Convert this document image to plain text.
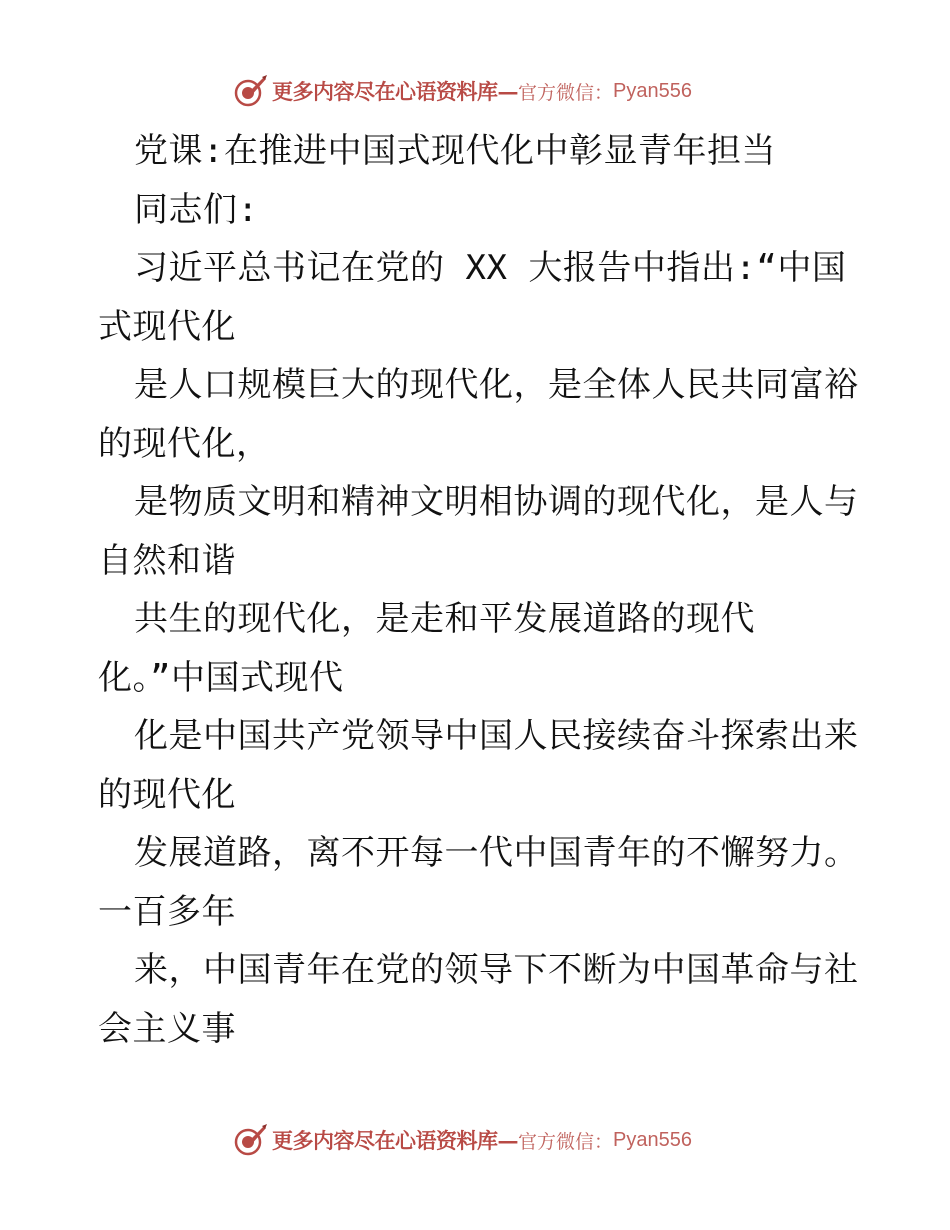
更多内容尽在心语资料库 — 官方微信： Pyan556
党课:在推进中国式现代化中彰显青年担当
同志们:
习近平总书记在党的 XX 大报告中指出:“中国
式现代化
是人口规模巨大的现代化，是全体人民共同富裕
的现代化，
是物质文明和精神文明相协调的现代化，是人与
自然和谐
共生的现代化，是走和平发展道路的现代
化。”中国式现代
化是中国共产党领导中国人民接续奋斗探索出来
的现代化
发展道路，离不开每一代中国青年的不懈努力。
一百多年
来，中国青年在党的领导下不断为中国革命与社
会主义事
更多内容尽在心语资料库 — 官方微信： Pyan556
